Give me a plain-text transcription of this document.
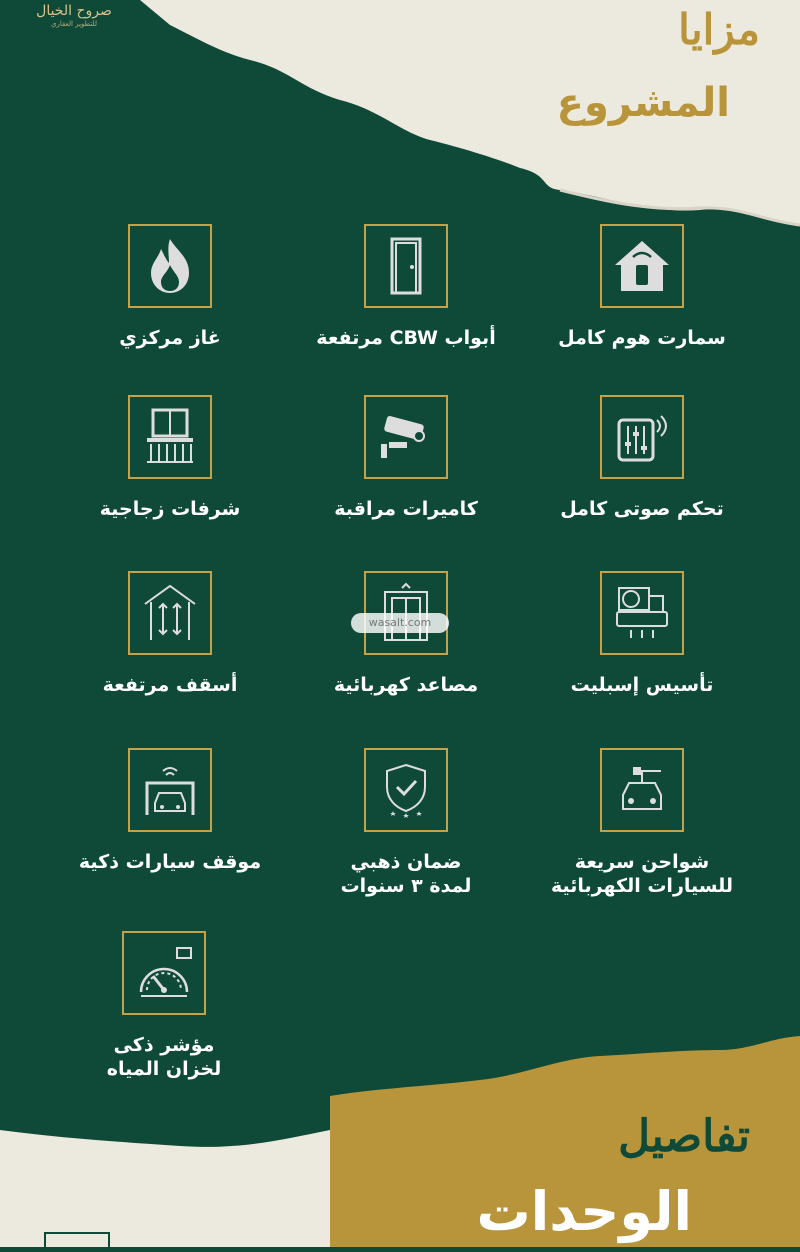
صروح الخيال
للتطوير العقاري	مزايا
المشروع
سمارت هوم كامل
أبواب CBW مرتفعة
غاز مركزي
تحكم صوتى كامل
كاميرات مراقبة
شرفات زجاجية
تأسيس إسبليت
مصاعد كهربائية
أسقف مرتفعة
wasalt.com
شواحن سريعة
للسيارات الكهربائية
ضمان ذهبي
لمدة ٣ سنوات
موقف سيارات ذكية
مؤشر ذكى
لخزان المياه
تفاصيل
الوحدات
